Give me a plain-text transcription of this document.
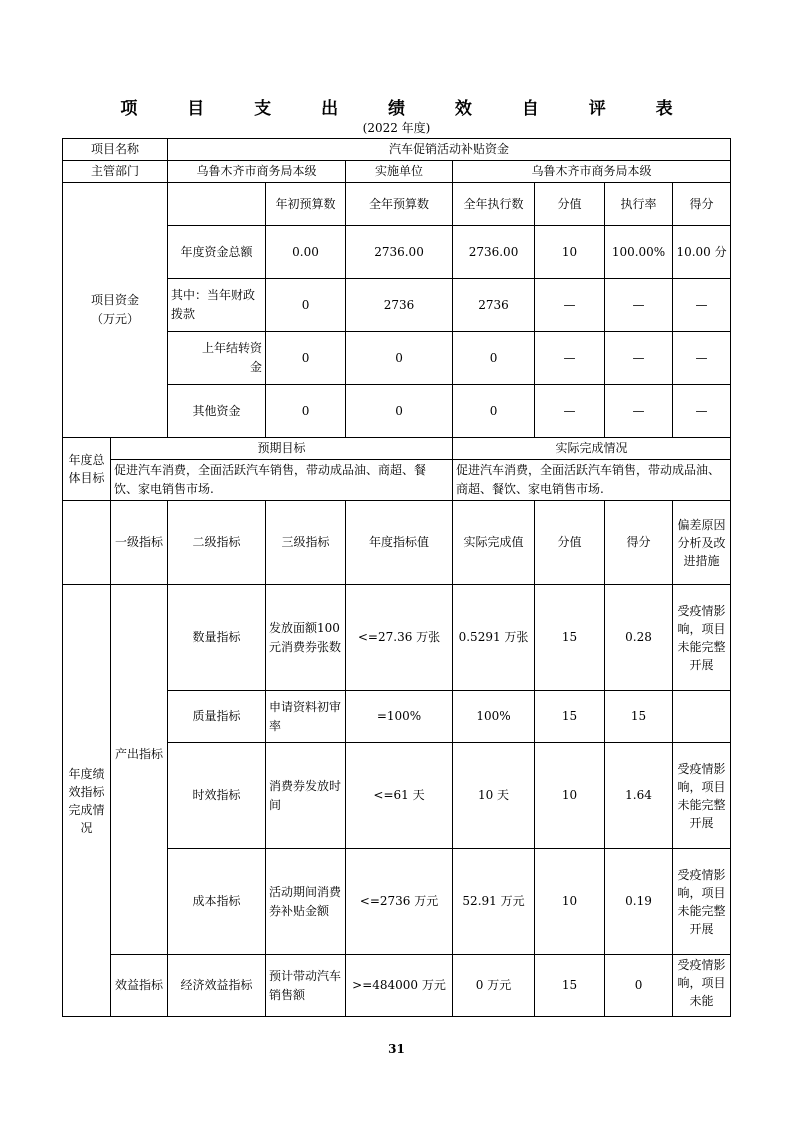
项 目 支 出 绩 效 自 评 表
(2022 年度)
项目名称		汽车促销活动补贴资金						
主管部门		乌鲁木齐市商务局本级		实施单位	乌鲁木齐市商务局本级			
项目资金
（万元）			年初预算数	全年预算数	全年执行数	分值	执行率	得分
		年度资金总额	0.00	2736.00	2736.00	10	100.00%	10.00 分
		其中：当年财政拨款	0	2736	2736	—	—	—
		上年结转资金	0	0	0	—	—	—
		其他资金	0	0	0	—	—	—
年度总体目标	预期目标				实际完成情况			
	促进汽车消费，全面活跃汽车销售，带动成品油、商超、餐饮、家电销售市场.				促进汽车消费，全面活跃汽车销售，带动成品油、商超、餐饮、家电销售市场.			
	一级指标	二级指标	三级指标	年度指标值	实际完成值	分值	得分	偏差原因分析及改进措施
年度绩效指标完成情况	产出指标	数量指标	发放面额100元消费券张数	<=27.36 万张	0.5291 万张	15	0.28	受疫情影响，项目未能完整开展
		质量指标	申请资料初审率	=100%	100%	15	15	
		时效指标	消费券发放时间	<=61 天	10 天	10	1.64	受疫情影响，项目未能完整开展
		成本指标	活动期间消费券补贴金额	<=2736 万元	52.91 万元	10	0.19	受疫情影响，项目未能完整开展
	效益指标	经济效益指标	预计带动汽车销售额	>=484000 万元	0 万元	15	0	受疫情影响，项目未能
31
